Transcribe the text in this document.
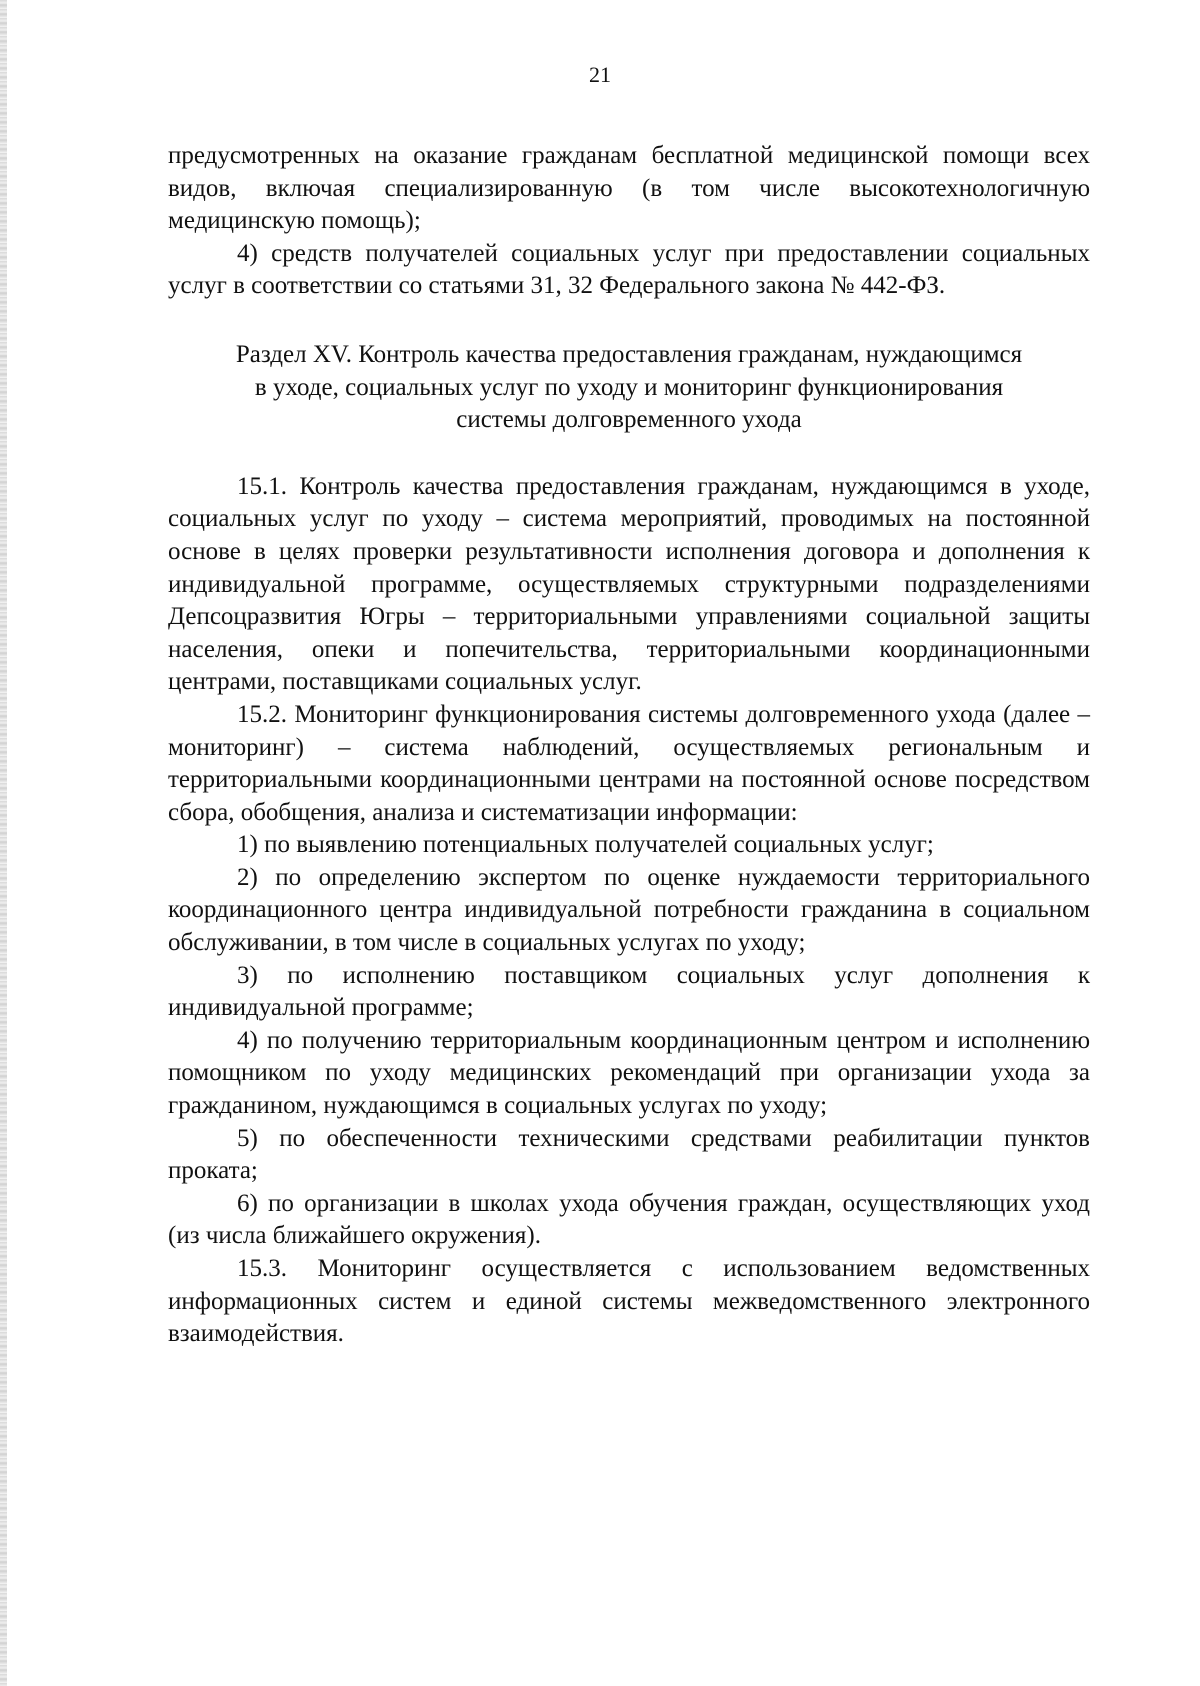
21

предусмотренных на оказание гражданам бесплатной медицинской помощи всех видов, включая специализированную (в том числе высокотехнологичную медицинскую помощь);

4) средств получателей социальных услуг при предоставлении социальных услуг в соответствии со статьями 31, 32 Федерального закона № 442-ФЗ.

Раздел XV. Контроль качества предоставления гражданам, нуждающимся
в уходе, социальных услуг по уходу и мониторинг функционирования
системы долговременного ухода

15.1. Контроль качества предоставления гражданам, нуждающимся в уходе, социальных услуг по уходу – система мероприятий, проводимых на постоянной основе в целях проверки результативности исполнения договора и дополнения к индивидуальной программе, осуществляемых структурными подразделениями Депсоцразвития Югры – территориальными управлениями социальной защиты населения, опеки и попечительства, территориальными координационными центрами, поставщиками социальных услуг.

15.2. Мониторинг функционирования системы долговременного ухода (далее – мониторинг) – система наблюдений, осуществляемых региональным и территориальными координационными центрами на постоянной основе посредством сбора, обобщения, анализа и систематизации информации:

1) по выявлению потенциальных получателей социальных услуг;

2) по определению экспертом по оценке нуждаемости территориального координационного центра индивидуальной потребности гражданина в социальном обслуживании, в том числе в социальных услугах по уходу;

3) по исполнению поставщиком социальных услуг дополнения к индивидуальной программе;

4) по получению территориальным координационным центром и исполнению помощником по уходу медицинских рекомендаций при организации ухода за гражданином, нуждающимся в социальных услугах по уходу;

5) по обеспеченности техническими средствами реабилитации пунктов проката;

6) по организации в школах ухода обучения граждан, осуществляющих уход (из числа ближайшего окружения).

15.3. Мониторинг осуществляется с использованием ведомственных информационных систем и единой системы межведомственного электронного взаимодействия.
